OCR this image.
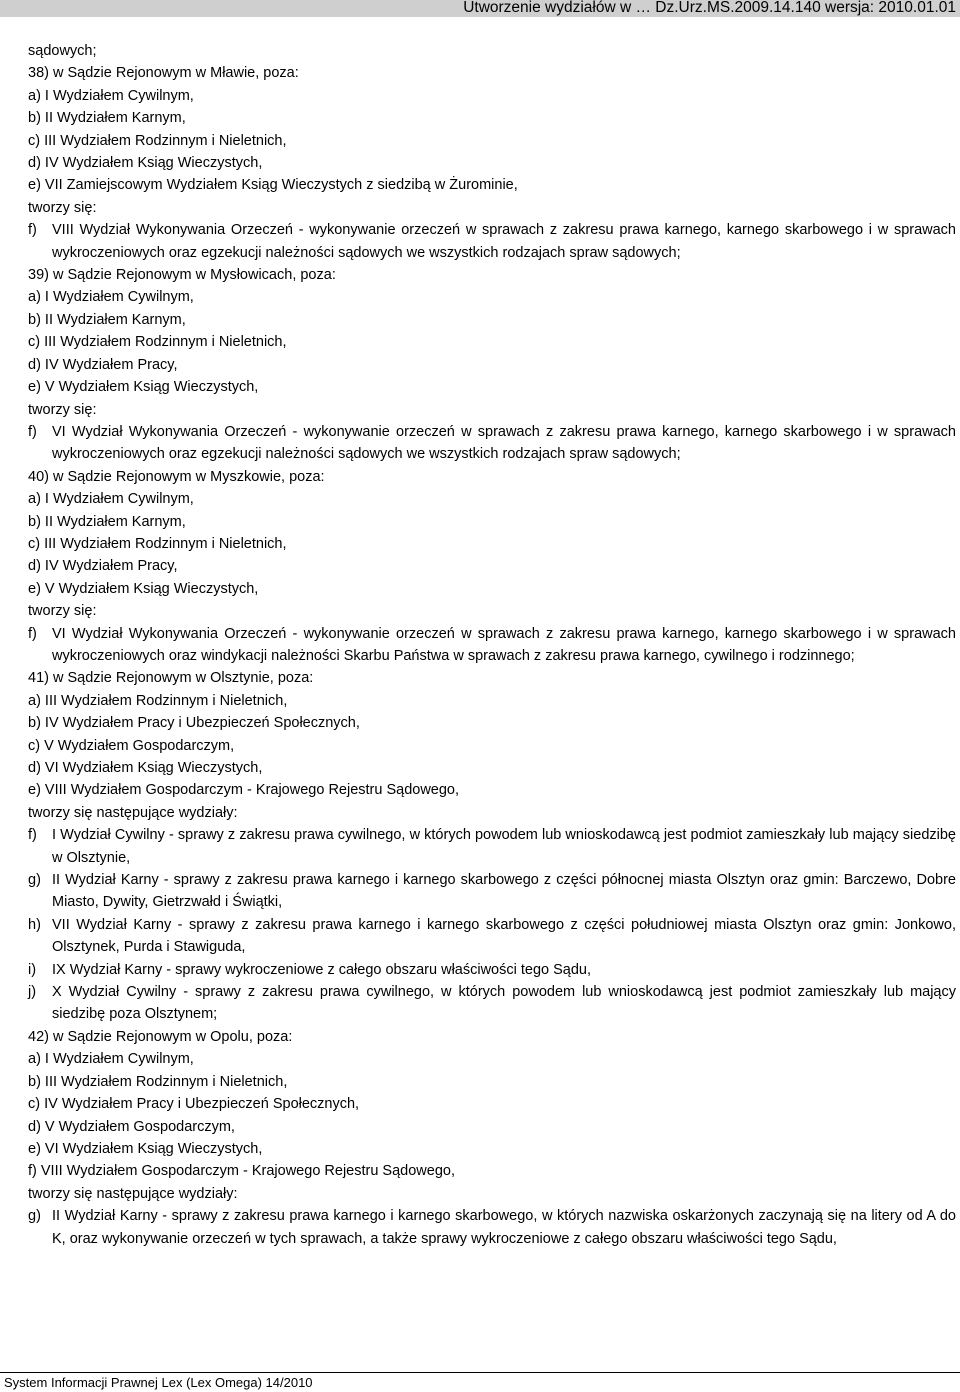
Utworzenie wydziałów w … Dz.Urz.MS.2009.14.140 wersja: 2010.01.01
sądowych;
38) w Sądzie Rejonowym w Mławie, poza:
a) I Wydziałem Cywilnym,
b) II Wydziałem Karnym,
c) III Wydziałem Rodzinnym i Nieletnich,
d) IV Wydziałem Ksiąg Wieczystych,
e) VII Zamiejscowym Wydziałem Ksiąg Wieczystych z siedzibą w Żurominie,
tworzy się:
f) VIII Wydział Wykonywania Orzeczeń - wykonywanie orzeczeń w sprawach z zakresu prawa karnego, karnego skarbowego i w sprawach wykroczeniowych oraz egzekucji należności sądowych we wszystkich rodzajach spraw sądowych;
39) w Sądzie Rejonowym w Mysłowicach, poza:
a) I Wydziałem Cywilnym,
b) II Wydziałem Karnym,
c) III Wydziałem Rodzinnym i Nieletnich,
d) IV Wydziałem Pracy,
e) V Wydziałem Ksiąg Wieczystych,
tworzy się:
f) VI Wydział Wykonywania Orzeczeń - wykonywanie orzeczeń w sprawach z zakresu prawa karnego, karnego skarbowego i w sprawach wykroczeniowych oraz egzekucji należności sądowych we wszystkich rodzajach spraw sądowych;
40) w Sądzie Rejonowym w Myszkowie, poza:
a) I Wydziałem Cywilnym,
b) II Wydziałem Karnym,
c) III Wydziałem Rodzinnym i Nieletnich,
d) IV Wydziałem Pracy,
e) V Wydziałem Ksiąg Wieczystych,
tworzy się:
f) VI Wydział Wykonywania Orzeczeń - wykonywanie orzeczeń w sprawach z zakresu prawa karnego, karnego skarbowego i w sprawach wykroczeniowych oraz windykacji należności Skarbu Państwa w sprawach z zakresu prawa karnego, cywilnego i rodzinnego;
41) w Sądzie Rejonowym w Olsztynie, poza:
a) III Wydziałem Rodzinnym i Nieletnich,
b) IV Wydziałem Pracy i Ubezpieczeń Społecznych,
c) V Wydziałem Gospodarczym,
d) VI Wydziałem Ksiąg Wieczystych,
e) VIII Wydziałem Gospodarczym - Krajowego Rejestru Sądowego,
tworzy się następujące wydziały:
f) I Wydział Cywilny - sprawy z zakresu prawa cywilnego, w których powodem lub wnioskodawcą jest podmiot zamieszkały lub mający siedzibę w Olsztynie,
g) II Wydział Karny - sprawy z zakresu prawa karnego i karnego skarbowego z części północnej miasta Olsztyn oraz gmin: Barczewo, Dobre Miasto, Dywity, Gietrzwałd i Świątki,
h) VII Wydział Karny - sprawy z zakresu prawa karnego i karnego skarbowego z części południowej miasta Olsztyn oraz gmin: Jonkowo, Olsztynek, Purda i Stawiguda,
i) IX Wydział Karny - sprawy wykroczeniowe z całego obszaru właściwości tego Sądu,
j) X Wydział Cywilny - sprawy z zakresu prawa cywilnego, w których powodem lub wnioskodawcą jest podmiot zamieszkały lub mający siedzibę poza Olsztynem;
42) w Sądzie Rejonowym w Opolu, poza:
a) I Wydziałem Cywilnym,
b) III Wydziałem Rodzinnym i Nieletnich,
c) IV Wydziałem Pracy i Ubezpieczeń Społecznych,
d) V Wydziałem Gospodarczym,
e) VI Wydziałem Ksiąg Wieczystych,
f) VIII Wydziałem Gospodarczym - Krajowego Rejestru Sądowego,
tworzy się następujące wydziały:
g) II Wydział Karny - sprawy z zakresu prawa karnego i karnego skarbowego, w których nazwiska oskarżonych zaczynają się na litery od A do K, oraz wykonywanie orzeczeń w tych sprawach, a także sprawy wykroczeniowe z całego obszaru właściwości tego Sądu,
System Informacji Prawnej Lex (Lex Omega) 14/2010
